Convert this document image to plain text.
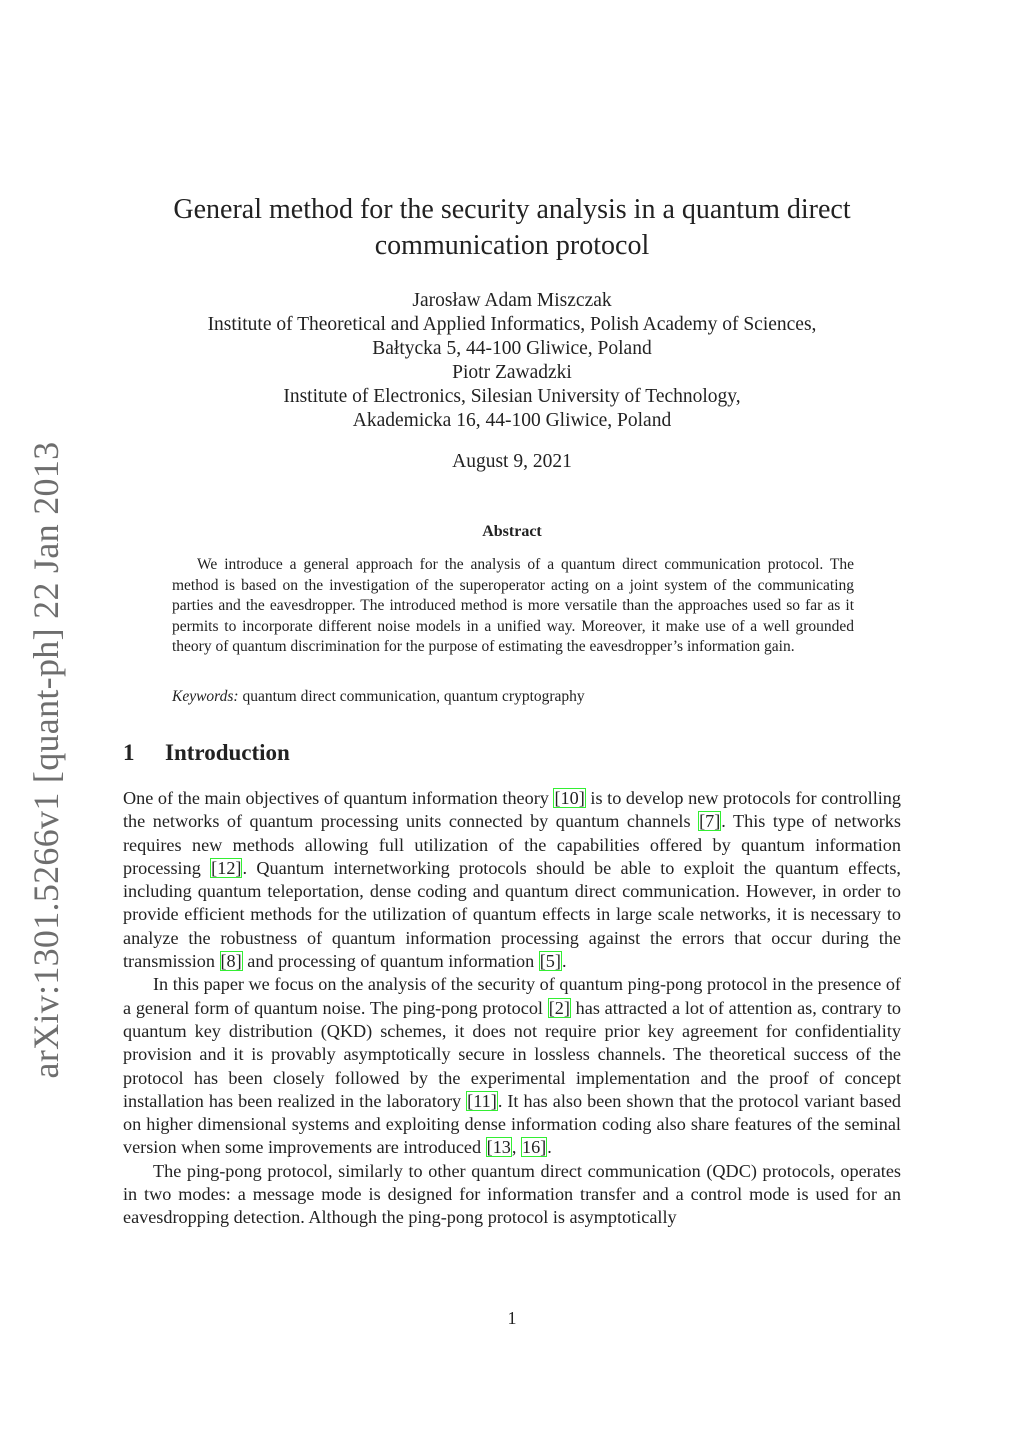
arXiv:1301.5266v1 [quant-ph] 22 Jan 2013
General method for the security analysis in a quantum direct
communication protocol
Jarosław Adam Miszczak
Institute of Theoretical and Applied Informatics, Polish Academy of Sciences,
Bałtycka 5, 44-100 Gliwice, Poland
Piotr Zawadzki
Institute of Electronics, Silesian University of Technology,
Akademicka 16, 44-100 Gliwice, Poland
August 9, 2021
Abstract

We introduce a general approach for the analysis of a quantum direct communication protocol. The method is based on the investigation of the superoperator acting on a joint system of the communicating parties and the eavesdropper. The introduced method is more versatile than the approaches used so far as it permits to incorporate different noise models in a unified way. Moreover, it make use of a well grounded theory of quantum discrimination for the purpose of estimating the eavesdropper’s information gain.

Keywords: quantum direct communication, quantum cryptography
1 Introduction

One of the main objectives of quantum information theory [10] is to develop new protocols for controlling the networks of quantum processing units connected by quantum channels [7]. This type of networks requires new methods allowing full utilization of the capabilities offered by quantum information processing [12]. Quantum internetworking protocols should be able to exploit the quantum effects, including quantum teleportation, dense coding and quantum direct communication. However, in order to provide efficient methods for the utilization of quantum effects in large scale networks, it is necessary to analyze the robustness of quantum information processing against the errors that occur during the transmission [8] and processing of quantum information [5].

In this paper we focus on the analysis of the security of quantum ping-pong protocol in the presence of a general form of quantum noise. The ping-pong protocol [2] has attracted a lot of attention as, contrary to quantum key distribution (QKD) schemes, it does not require prior key agreement for confidentiality provision and it is provably asymptotically secure in lossless channels. The theoretical success of the protocol has been closely followed by the experimental implementation and the proof of concept installation has been realized in the laboratory [11]. It has also been shown that the protocol variant based on higher dimensional systems and exploiting dense information coding also share features of the seminal version when some improvements are introduced [13, 16].

The ping-pong protocol, similarly to other quantum direct communication (QDC) protocols, operates in two modes: a message mode is designed for information transfer and a control mode is used for an eavesdropping detection. Although the ping-pong protocol is asymptotically

1
